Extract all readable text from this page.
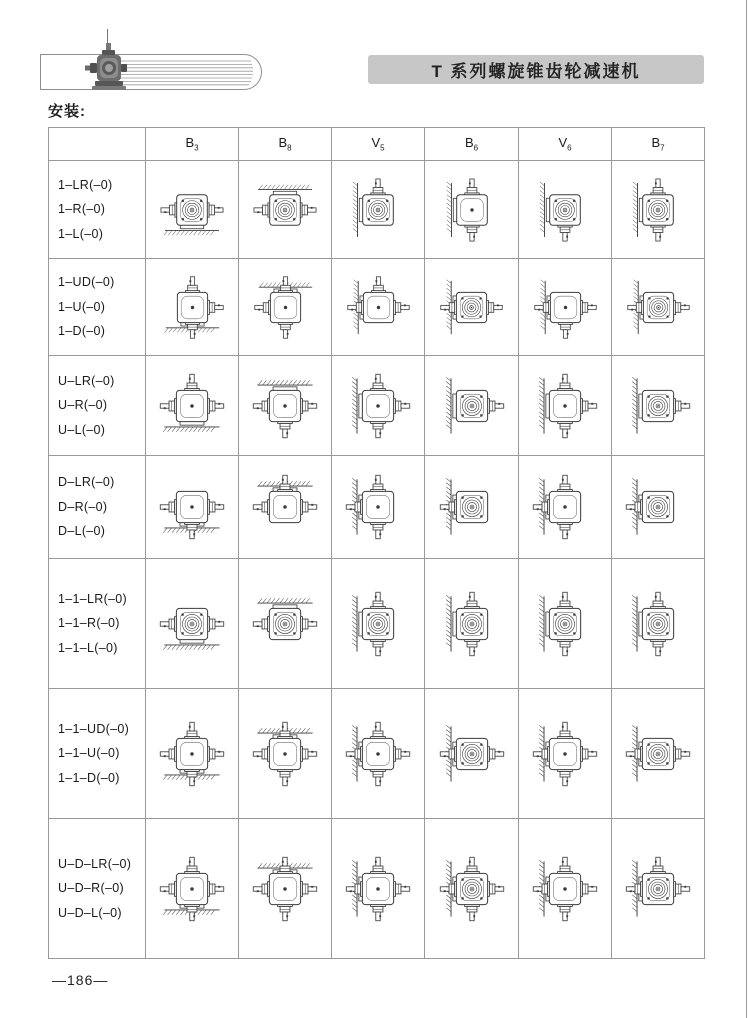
T 系列螺旋锥齿轮减速机
安装:
	$B_3$	$B_8$	$V_5$	$B_6$	$V_6$	$B_7$

1–LR(–0)
1–R(–0)
1–L(–0)

1–UD(–0)
1–U(–0)
1–D(–0)

U–LR(–0)
U–R(–0)
U–L(–0)

D–LR(–0)
D–R(–0)
D–L(–0)

1–1–LR(–0)
1–1–R(–0)
1–1–L(–0)

1–1–UD(–0)
1–1–U(–0)
1–1–D(–0)

U–D–LR(–0)
U–D–R(–0)
U–D–L(–0)

—186—
